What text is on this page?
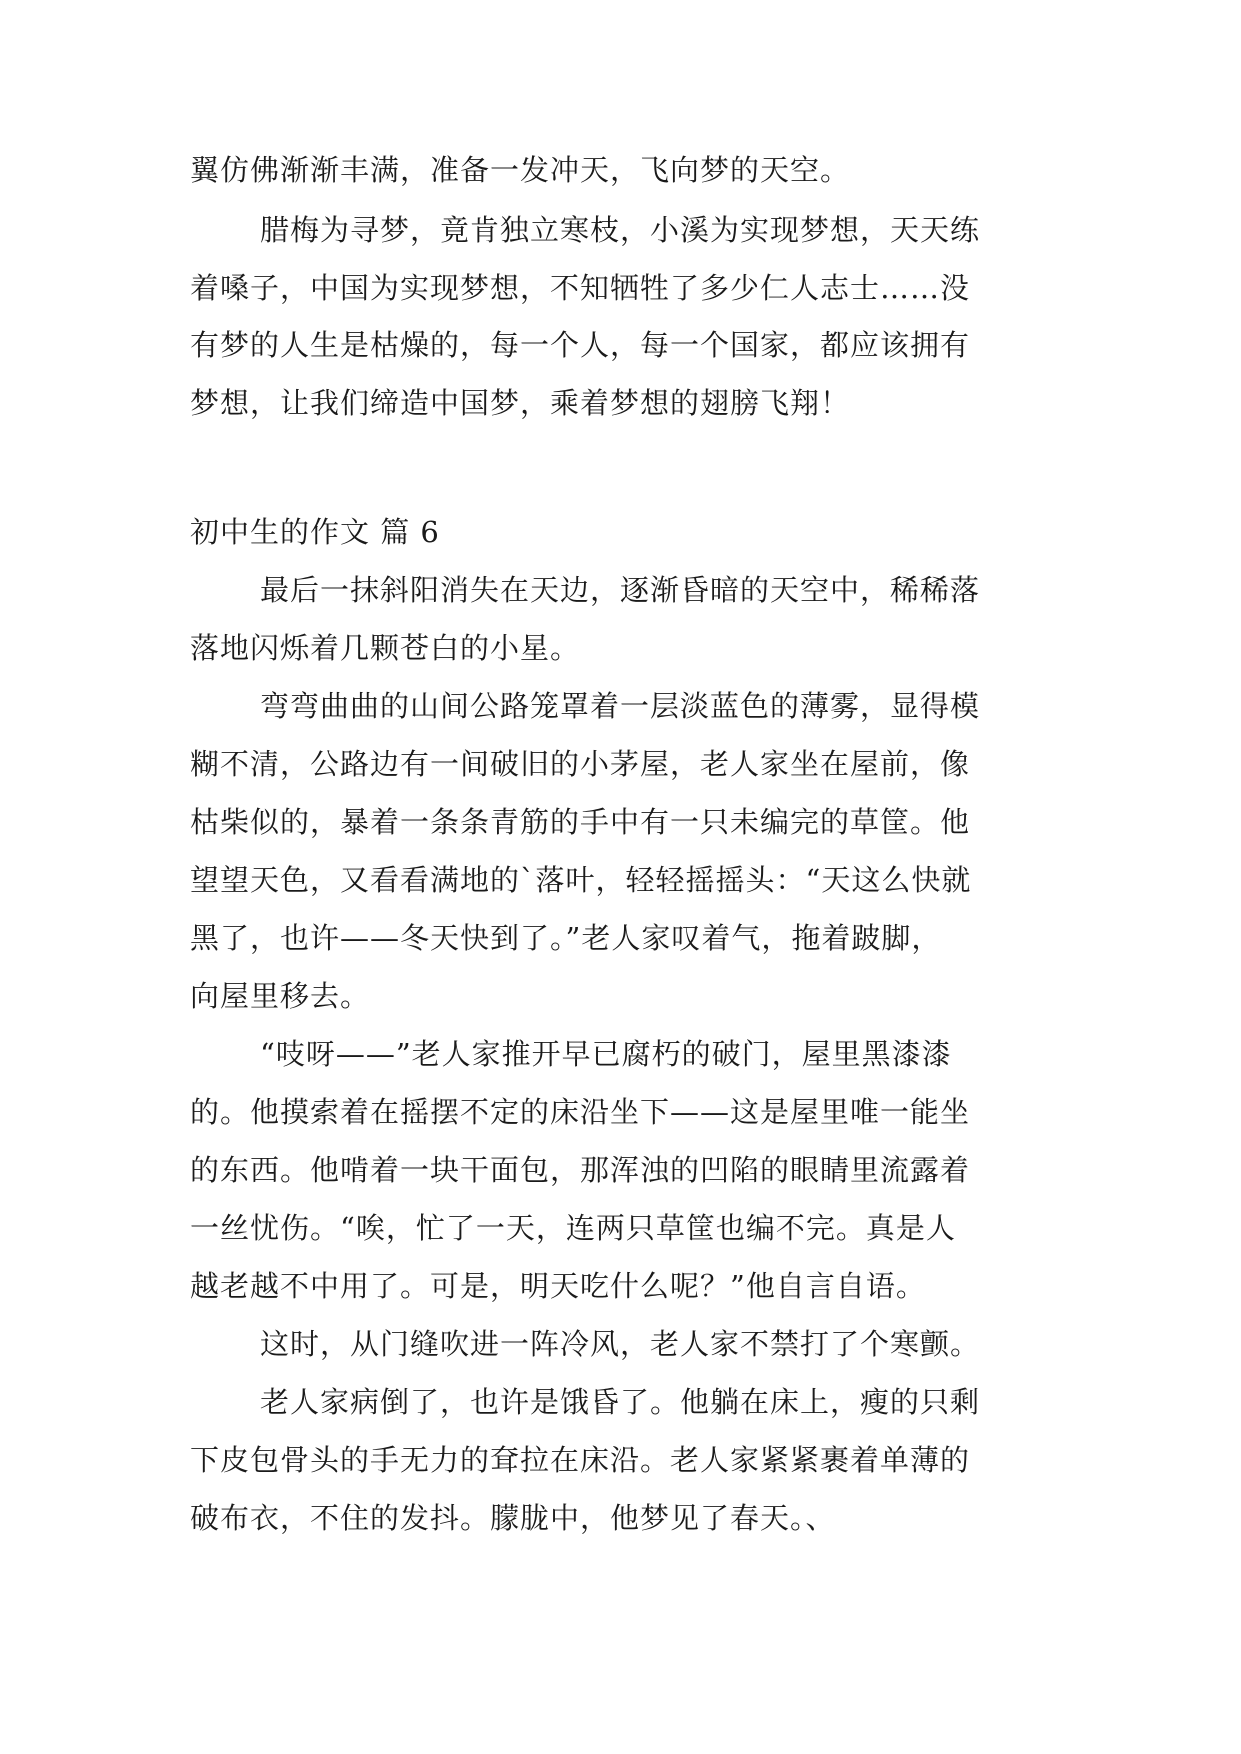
翼仿佛渐渐丰满，准备一发冲天，飞向梦的天空。
腊梅为寻梦，竟肯独立寒枝，小溪为实现梦想，天天练
着嗓子，中国为实现梦想，不知牺牲了多少仁人志士……没
有梦的人生是枯燥的，每一个人，每一个国家，都应该拥有
梦想，让我们缔造中国梦，乘着梦想的翅膀飞翔！
初中生的作文 篇 6
最后一抹斜阳消失在天边，逐渐昏暗的天空中，稀稀落
落地闪烁着几颗苍白的小星。
弯弯曲曲的山间公路笼罩着一层淡蓝色的薄雾，显得模
糊不清，公路边有一间破旧的小茅屋，老人家坐在屋前，像
枯柴似的，暴着一条条青筋的手中有一只未编完的草筐。他
望望天色，又看看满地的`落叶，轻轻摇摇头：“天这么快就
黑了，也许——冬天快到了。”老人家叹着气，拖着跛脚，
向屋里移去。
“吱呀——”老人家推开早已腐朽的破门，屋里黑漆漆
的。他摸索着在摇摆不定的床沿坐下——这是屋里唯一能坐
的东西。他啃着一块干面包，那浑浊的凹陷的眼睛里流露着
一丝忧伤。“唉，忙了一天，连两只草筐也编不完。真是人
越老越不中用了。可是，明天吃什么呢？”他自言自语。
这时，从门缝吹进一阵冷风，老人家不禁打了个寒颤。
老人家病倒了，也许是饿昏了。他躺在床上，瘦的只剩
下皮包骨头的手无力的耷拉在床沿。老人家紧紧裹着单薄的
破布衣，不住的发抖。朦胧中，他梦见了春天。、
